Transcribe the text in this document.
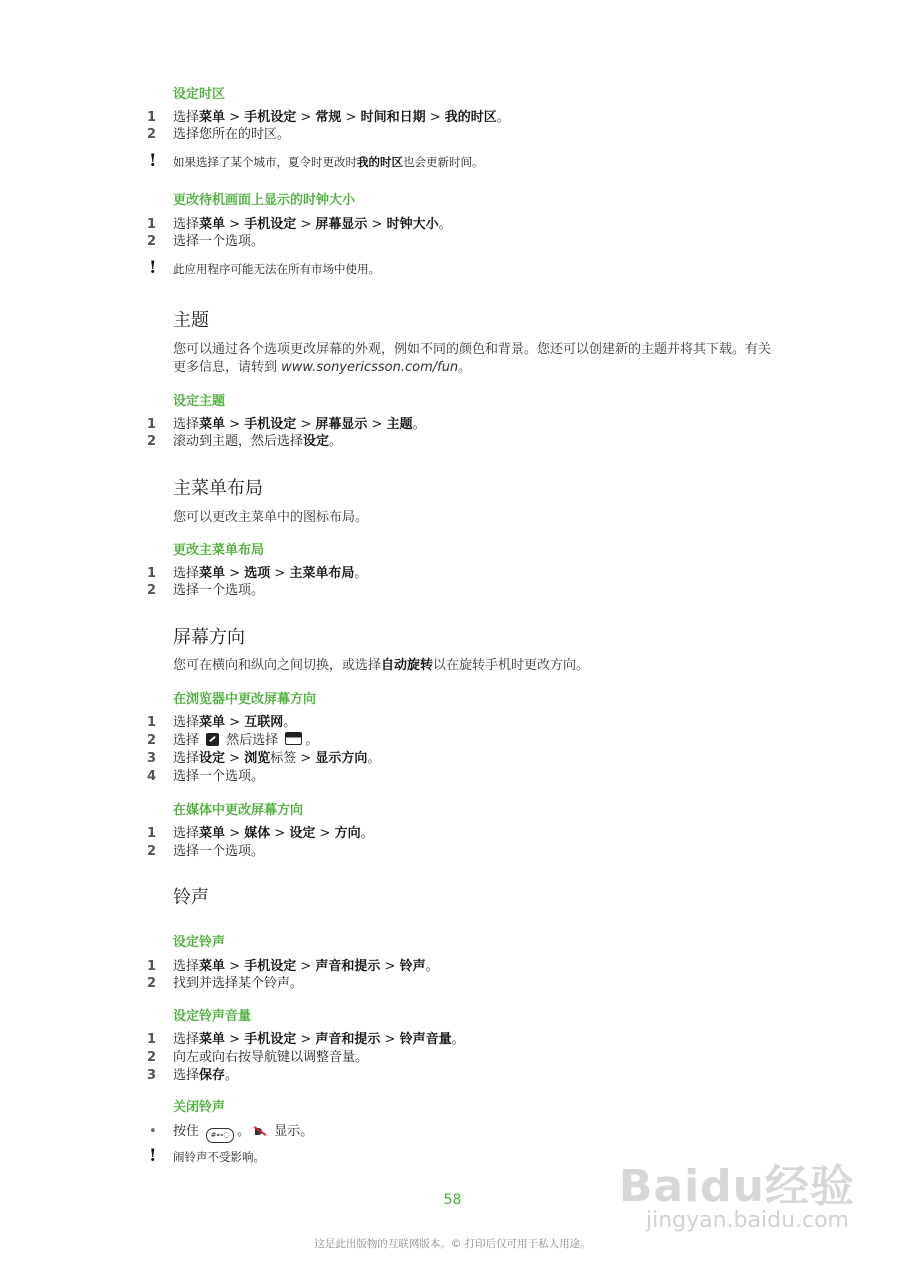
设定时区
1	选择菜单 > 手机设定 > 常规 > 时间和日期 > 我的时区。
2	选择您所在的时区。
! 如果选择了某个城市，夏令时更改时我的时区也会更新时间。
更改待机画面上显示的时钟大小
1	选择菜单 > 手机设定 > 屏幕显示 > 时钟大小。
2	选择一个选项。
! 此应用程序可能无法在所有市场中使用。
主题
您可以通过各个选项更改屏幕的外观，例如不同的颜色和背景。您还可以创建新的主题并将其下载。有关更多信息，请转到 www.sonyericsson.com/fun。
设定主题
1	选择菜单 > 手机设定 > 屏幕显示 > 主题。
2	滚动到主题，然后选择设定。
主菜单布局
您可以更改主菜单中的图标布局。
更改主菜单布局
1	选择菜单 > 选项 > 主菜单布局。
2	选择一个选项。
屏幕方向
您可在横向和纵向之间切换，或选择自动旋转以在旋转手机时更改方向。
在浏览器中更改屏幕方向
1	选择菜单 > 互联网。
2	选择  然后选择 。
3	选择设定 > 浏览标签 > 显示方向。
4	选择一个选项。
在媒体中更改屏幕方向
1	选择菜单 > 媒体 > 设定 > 方向。
2	选择一个选项。
铃声
设定铃声
1	选择菜单 > 手机设定 > 声音和提示 > 铃声。
2	找到并选择某个铃声。
设定铃声音量
1	选择菜单 > 手机设定 > 声音和提示 > 铃声音量。
2	向左或向右按导航键以调整音量。
3	选择保存。
关闭铃声
• 按住 #⊷◌ 。 显示。
! 闹铃声不受影响。
58
这是此出版物的互联网版本。© 打印后仅可用于私人用途。
Baidu经验
jingyan.baidu.com
